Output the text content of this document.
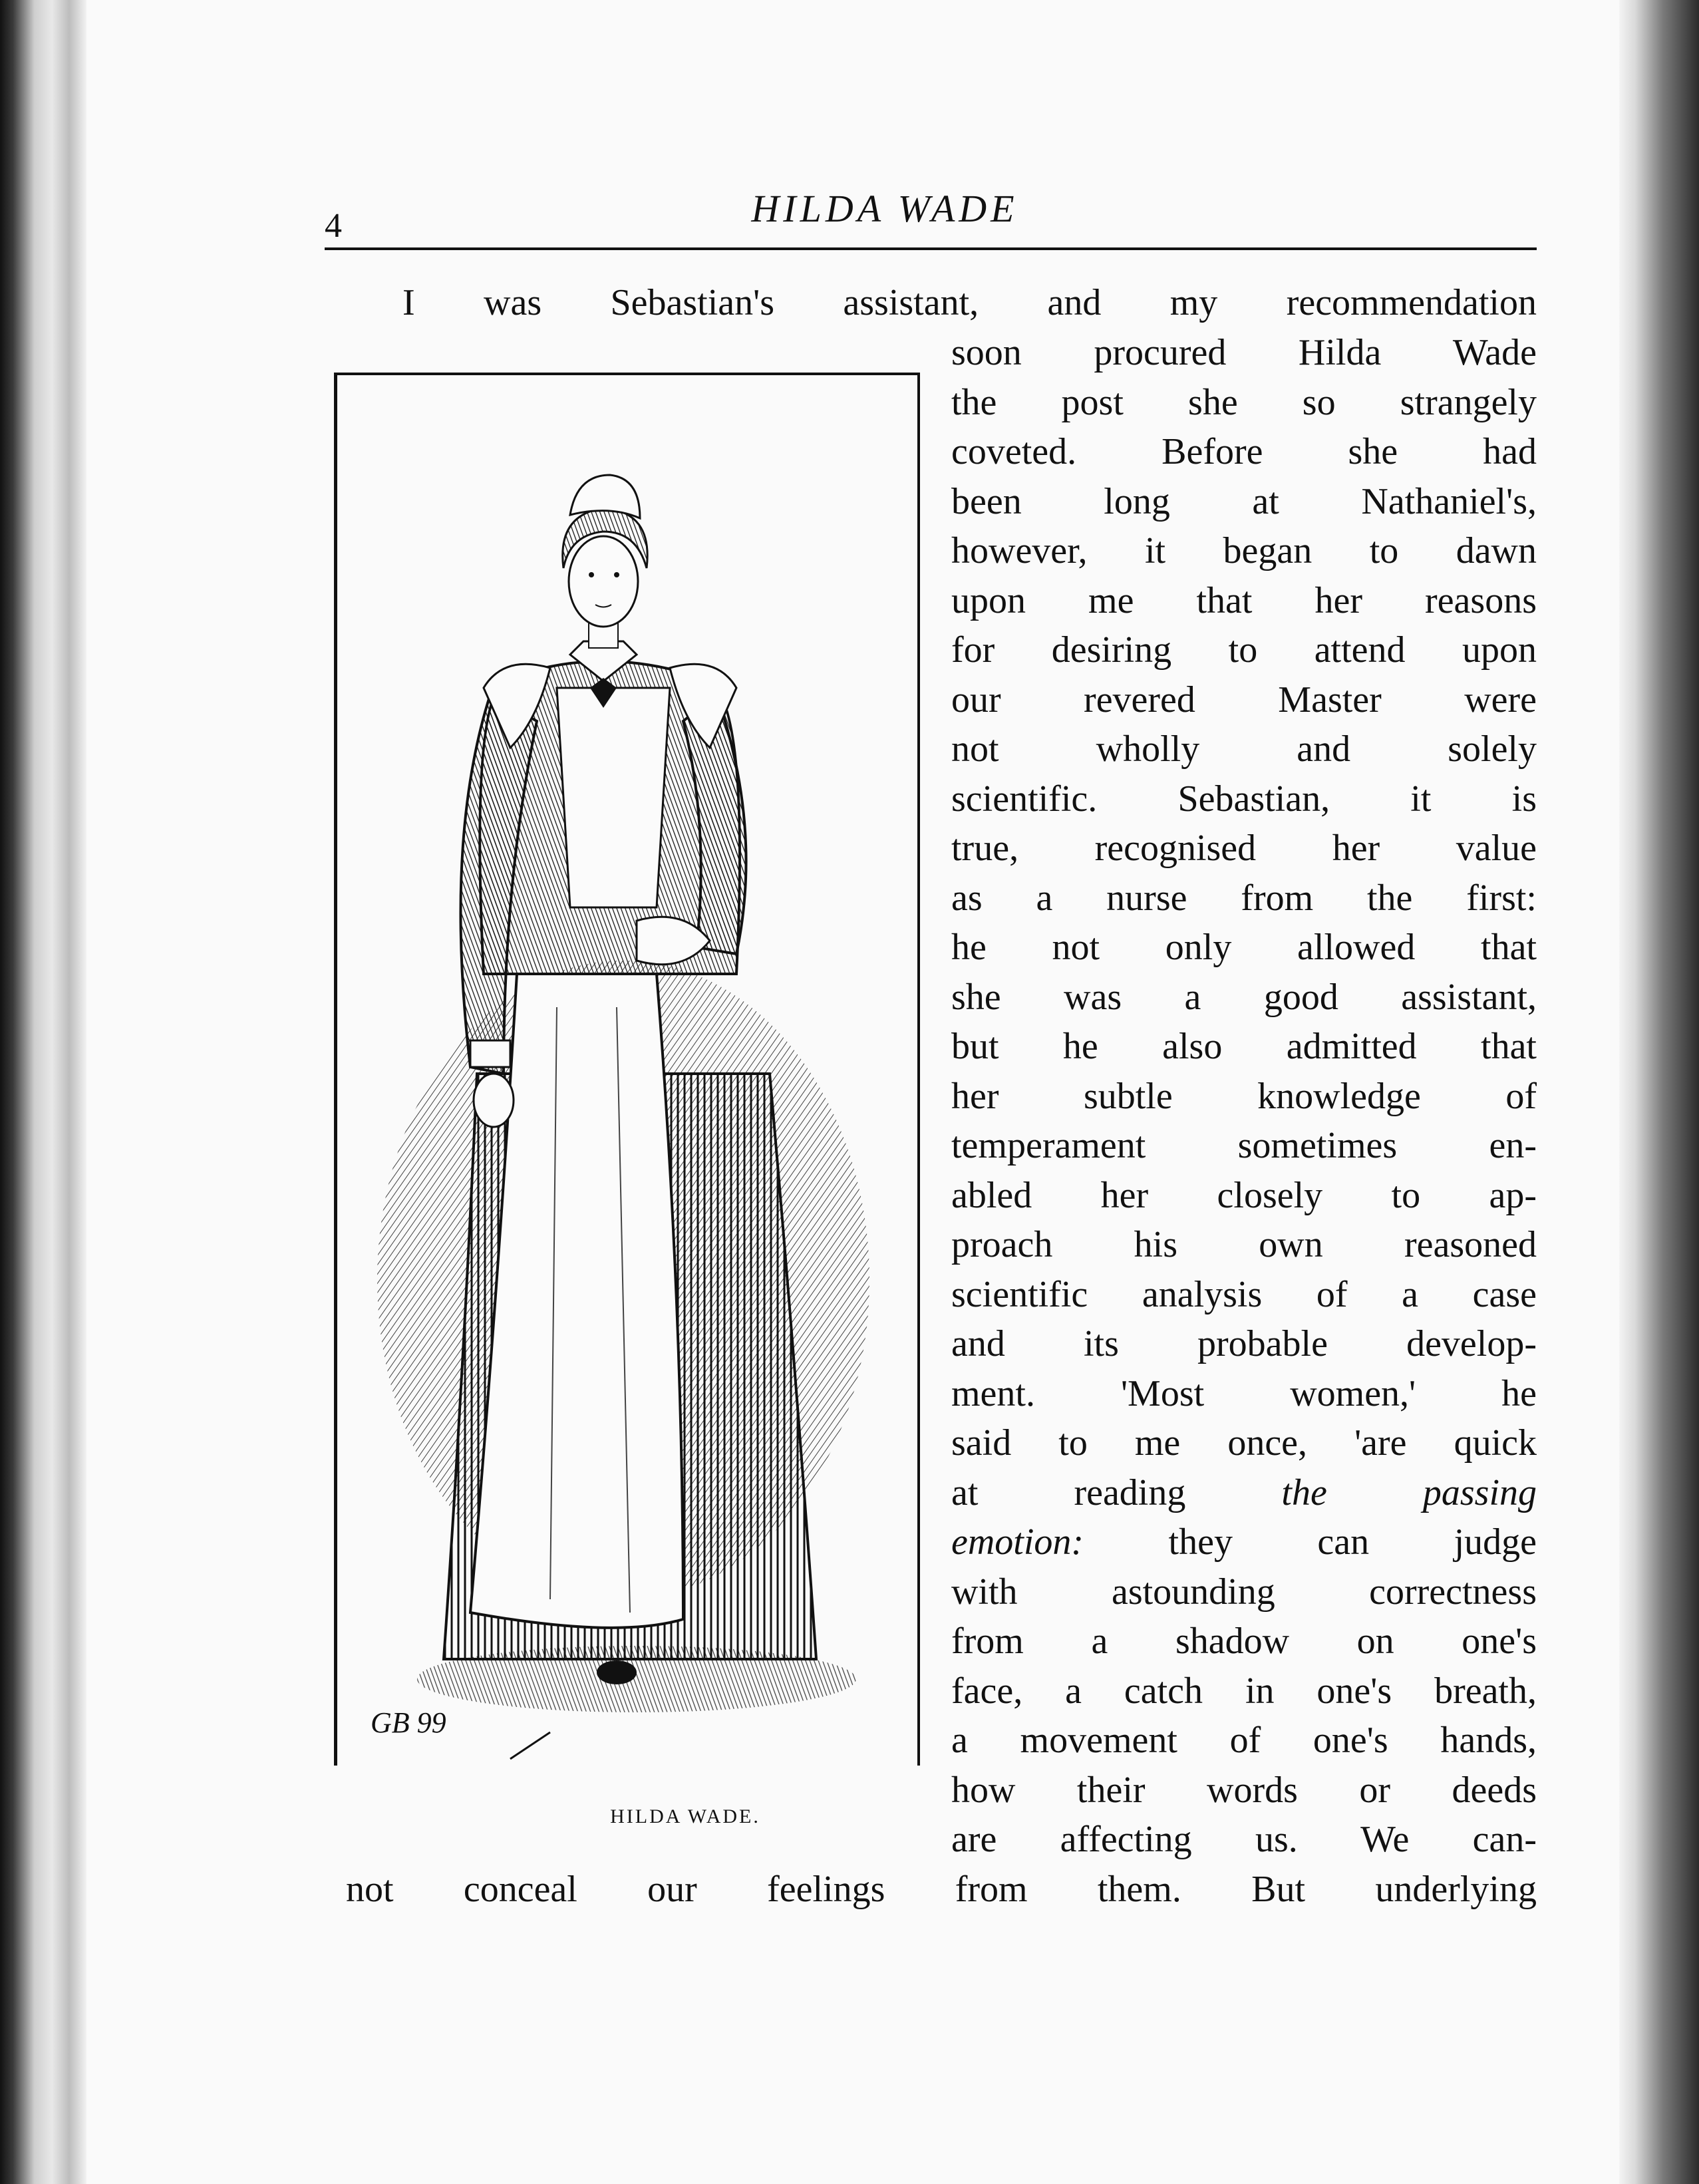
4	HILDA WADE
I was Sebastian's assistant, and my recommendation
soon procured Hilda Wade
the post she so strangely
coveted. Before she had
been long at Nathaniel's,
however, it began to dawn
upon me that her reasons
for desiring to attend upon
our revered Master were
not wholly and solely
scientific. Sebastian, it is
true, recognised her value
as a nurse from the first:
he not only allowed that
she was a good assistant,
but he also admitted that
her subtle knowledge of
temperament sometimes en-
abled her closely to ap-
proach his own reasoned
scientific analysis of a case
and its probable develop-
ment. 'Most women,' he
said to me once, 'are quick
at reading the passing
emotion: they can judge
with astounding correctness
from a shadow on one's
face, a catch in one's breath,
a movement of one's hands,
how their words or deeds
are affecting us. We can-
not conceal our feelings from them. But underlying
GB 99
HILDA WADE.
